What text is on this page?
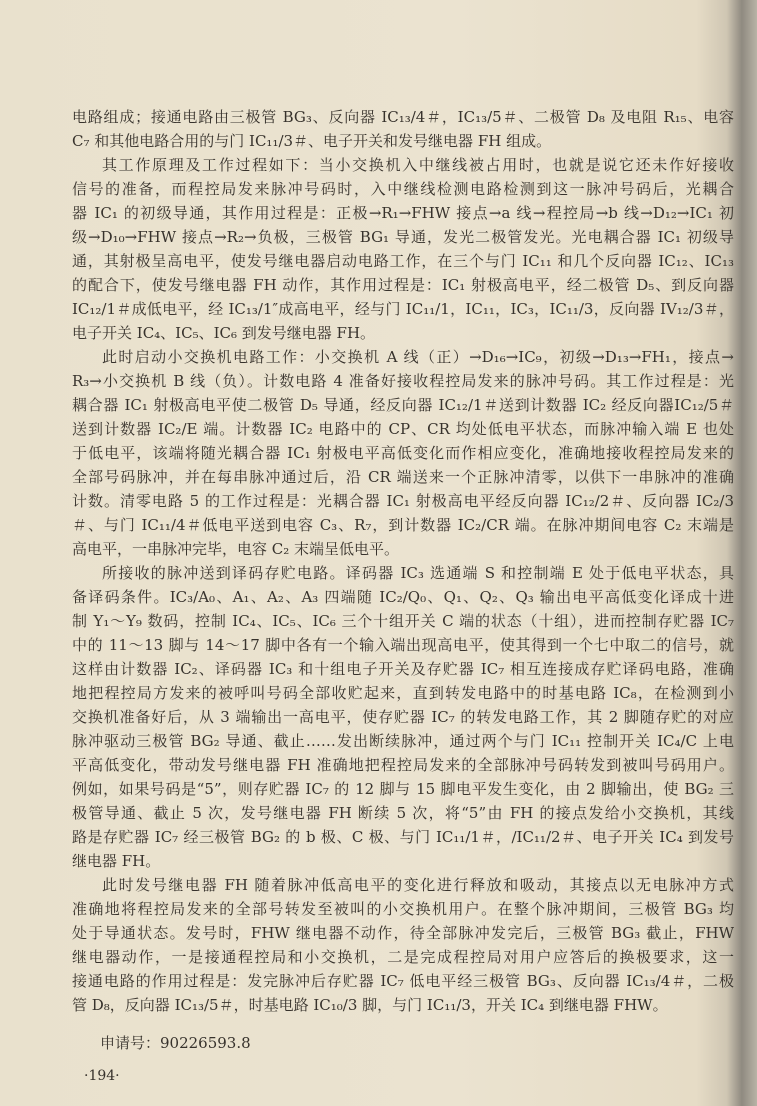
电路组成；接通电路由三极管 BG₃、反向器 IC₁₃/4＃，IC₁₃/5＃、二极管 D₈ 及电阻 R₁₅、电容
C₇ 和其他电路合用的与门 IC₁₁/3＃、电子开关和发号继电器 FH 组成。
其工作原理及工作过程如下：当小交换机入中继线被占用时，也就是说它还未作好接收
信号的准备，而程控局发来脉冲号码时，入中继线检测电路检测到这一脉冲号码后，光耦合
器 IC₁ 的初级导通，其作用过程是：正极→R₁→FHW 接点→a 线→程控局→b 线→D₁₂→IC₁ 初
级→D₁₀→FHW 接点→R₂→负极，三极管 BG₁ 导通，发光二极管发光。光电耦合器 IC₁ 初级导
通，其射极呈高电平，使发号继电器启动电路工作，在三个与门 IC₁₁ 和几个反向器 IC₁₂、IC₁₃
的配合下，使发号继电器 FH 动作，其作用过程是：IC₁ 射极高电平，经二极管 D₅、到反向器
IC₁₂/1＃成低电平，经 IC₁₃/1″成高电平，经与门 IC₁₁/1，IC₁₁，IC₃，IC₁₁/3，反向器 IV₁₂/3＃，
电子开关 IC₄、IC₅、IC₆ 到发号继电器 FH。
此时启动小交换机电路工作：小交换机 A 线（正）→D₁₆→IC₉，初级→D₁₃→FH₁，接点→
R₃→小交换机 B 线（负）。计数电路 4 准备好接收程控局发来的脉冲号码。其工作过程是：光
耦合器 IC₁ 射极高电平使二极管 D₅ 导通，经反向器 IC₁₂/1＃送到计数器 IC₂ 经反向器IC₁₂/5＃
送到计数器 IC₂/E 端。计数器 IC₂ 电路中的 CP、CR 均处低电平状态，而脉冲输入端 E 也处
于低电平，该端将随光耦合器 IC₁ 射极电平高低变化而作相应变化，准确地接收程控局发来的
全部号码脉冲，并在每串脉冲通过后，沿 CR 端送来一个正脉冲清零，以供下一串脉冲的准确
计数。清零电路 5 的工作过程是：光耦合器 IC₁ 射极高电平经反向器 IC₁₂/2＃、反向器 IC₂/3
＃、与门 IC₁₁/4＃低电平送到电容 C₃、R₇，到计数器 IC₂/CR 端。在脉冲期间电容 C₂ 末端是
高电平，一串脉冲完毕，电容 C₂ 末端呈低电平。
所接收的脉冲送到译码存贮电路。译码器 IC₃ 选通端 S 和控制端 E 处于低电平状态，具
备译码条件。IC₃/A₀、A₁、A₂、A₃ 四端随 IC₂/Q₀、Q₁、Q₂、Q₃ 输出电平高低变化译成十进
制 Y₁～Y₉ 数码，控制 IC₄、IC₅、IC₆ 三个十组开关 C 端的状态（十组），进而控制存贮器 IC₇
中的 11～13 脚与 14～17 脚中各有一个输入端出现高电平，使其得到一个七中取二的信号，就
这样由计数器 IC₂、译码器 IC₃ 和十组电子开关及存贮器 IC₇ 相互连接成存贮译码电路，准确
地把程控局方发来的被呼叫号码全部收贮起来，直到转发电路中的时基电路 IC₈，在检测到小
交换机准备好后，从 3 端输出一高电平，使存贮器 IC₇ 的转发电路工作，其 2 脚随存贮的对应
脉冲驱动三极管 BG₂ 导通、截止……发出断续脉冲，通过两个与门 IC₁₁ 控制开关 IC₄/C 上电
平高低变化，带动发号继电器 FH 准确地把程控局发来的全部脉冲号码转发到被叫号码用户。
例如，如果号码是“5”，则存贮器 IC₇ 的 12 脚与 15 脚电平发生变化，由 2 脚输出，使 BG₂ 三
极管导通、截止 5 次，发号继电器 FH 断续 5 次，将“5”由 FH 的接点发给小交换机，其线
路是存贮器 IC₇ 经三极管 BG₂ 的 b 极、C 极、与门 IC₁₁/1＃，/IC₁₁/2＃、电子开关 IC₄ 到发号
继电器 FH。
此时发号继电器 FH 随着脉冲低高电平的变化进行释放和吸动，其接点以无电脉冲方式
准确地将程控局发来的全部号转发至被叫的小交换机用户。在整个脉冲期间，三极管 BG₃ 均
处于导通状态。发号时，FHW 继电器不动作，待全部脉冲发完后，三极管 BG₃ 截止，FHW
继电器动作，一是接通程控局和小交换机，二是完成程控局对用户应答后的换极要求，这一
接通电路的作用过程是：发完脉冲后存贮器 IC₇ 低电平经三极管 BG₃、反向器 IC₁₃/4＃，二极
管 D₈，反向器 IC₁₃/5＃，时基电路 IC₁₀/3 脚，与门 IC₁₁/3，开关 IC₄ 到继电器 FHW。
申请号：90226593.8
·194·
